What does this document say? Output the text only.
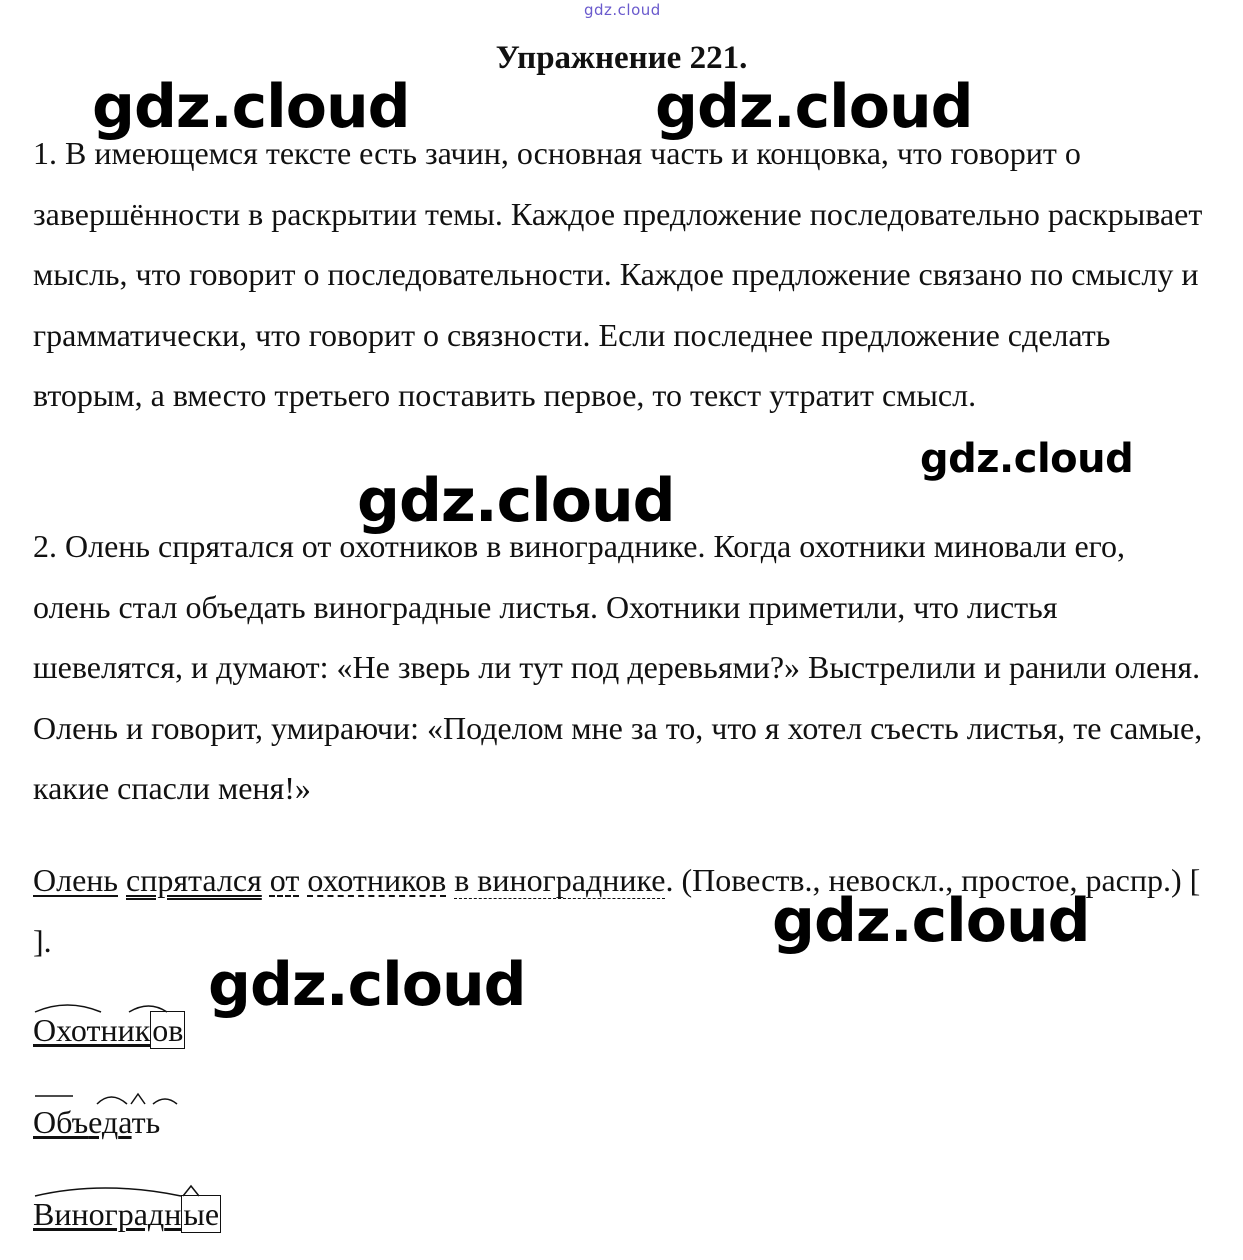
gdz.cloud
Упражнение 221.

1. В имеющемся тексте есть зачин, основная часть и концовка, что говорит о завершённости в раскрытии темы. Каждое предложение последовательно раскрывает мысль, что говорит о последовательности. Каждое предложение связано по смыслу и грамматически, что говорит о связности. Если последнее предложение сделать вторым, а вместо третьего поставить первое, то текст утратит смысл.

2. Олень спрятался от охотников в винограднике. Когда охотники миновали его, олень стал объедать виноградные листья. Охотники приметили, что листья шевелятся, и думают: «Не зверь ли тут под деревьями?» Выстрелили и ранили оленя. Олень и говорит, умираючи: «Поделом мне за то, что я хотел съесть листья, те самые, какие спасли меня!»

Олень спрятался от охотников в винограднике. (Повеств., невоскл., простое, распр.) [ ].
Охотников
Объедать
Виноградные
gdz.cloud	gdz.cloud
gdz.cloud
gdz.cloud
gdz.cloud
gdz.cloud
